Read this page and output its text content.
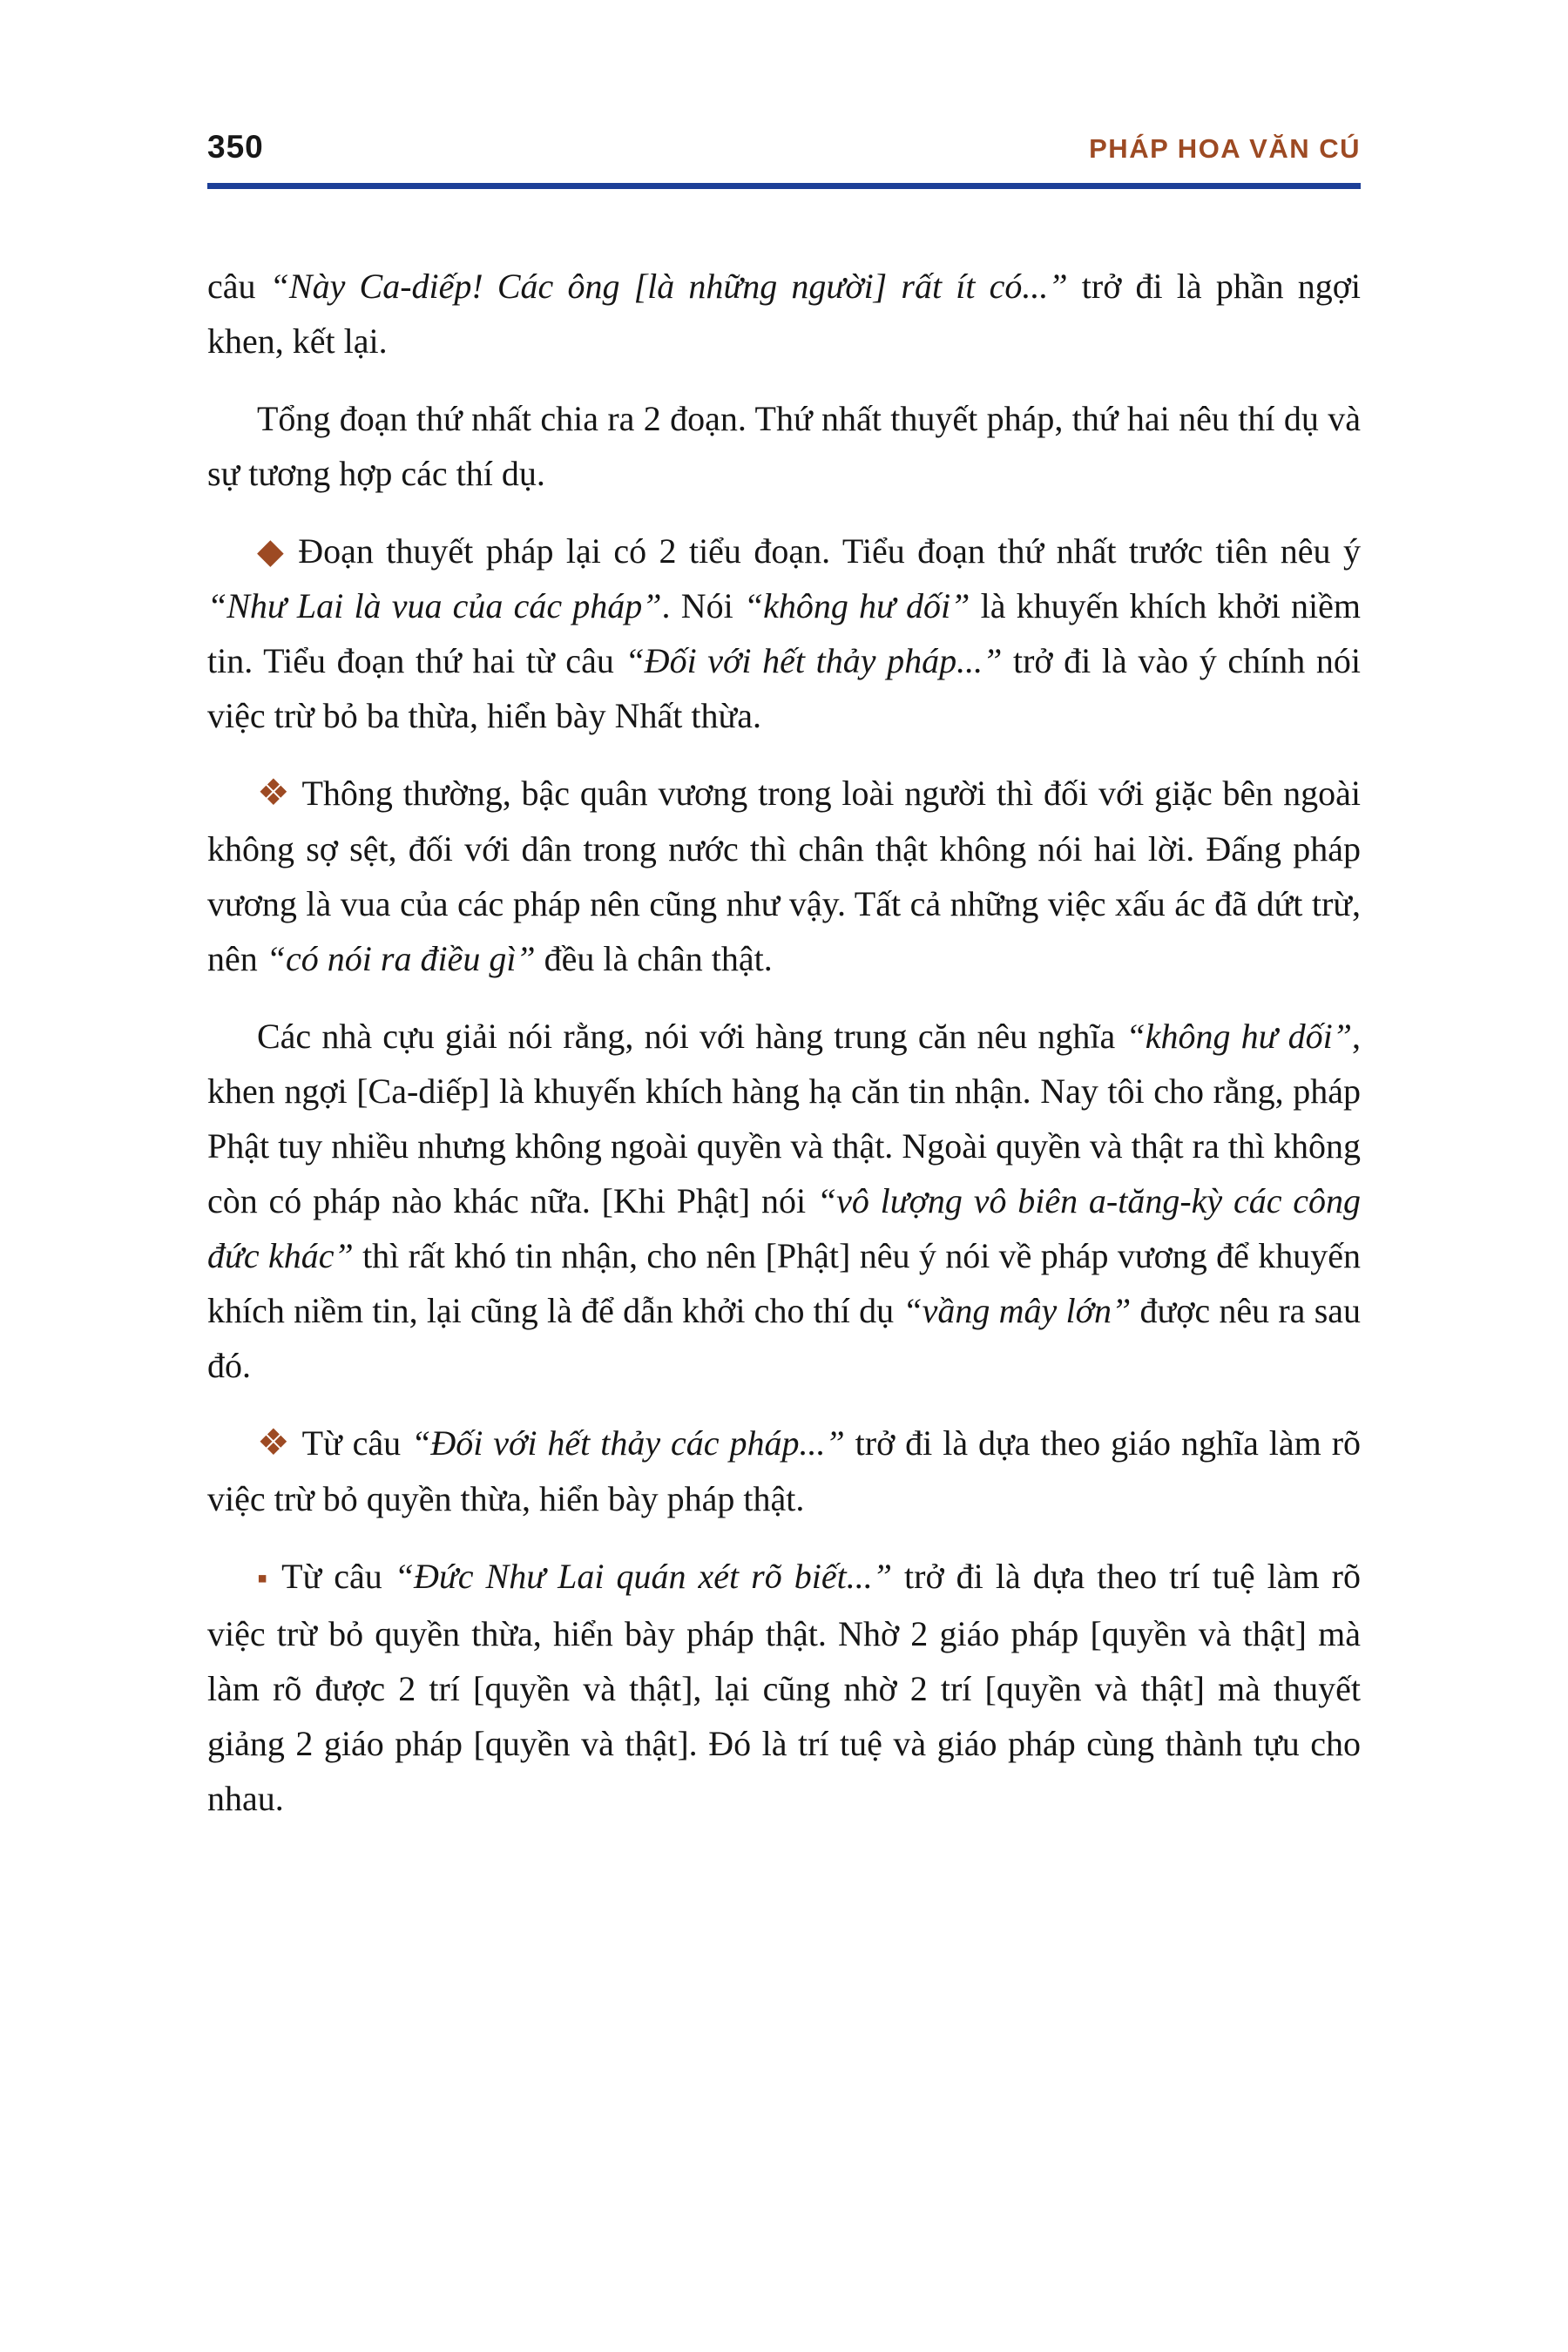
350	PHÁP HOA VĂN CÚ

câu “Này Ca-diếp! Các ông [là những người] rất ít có...” trở đi là phần ngợi khen, kết lại.

Tổng đoạn thứ nhất chia ra 2 đoạn. Thứ nhất thuyết pháp, thứ hai nêu thí dụ và sự tương hợp các thí dụ.

◆ Đoạn thuyết pháp lại có 2 tiểu đoạn. Tiểu đoạn thứ nhất trước tiên nêu ý “Như Lai là vua của các pháp”. Nói “không hư dối” là khuyến khích khởi niềm tin. Tiểu đoạn thứ hai từ câu “Đối với hết thảy pháp...” trở đi là vào ý chính nói việc trừ bỏ ba thừa, hiển bày Nhất thừa.

❖ Thông thường, bậc quân vương trong loài người thì đối với giặc bên ngoài không sợ sệt, đối với dân trong nước thì chân thật không nói hai lời. Đấng pháp vương là vua của các pháp nên cũng như vậy. Tất cả những việc xấu ác đã dứt trừ, nên “có nói ra điều gì” đều là chân thật.

Các nhà cựu giải nói rằng, nói với hàng trung căn nêu nghĩa “không hư dối”, khen ngợi [Ca-diếp] là khuyến khích hàng hạ căn tin nhận. Nay tôi cho rằng, pháp Phật tuy nhiều nhưng không ngoài quyền và thật. Ngoài quyền và thật ra thì không còn có pháp nào khác nữa. [Khi Phật] nói “vô lượng vô biên a-tăng-kỳ các công đức khác” thì rất khó tin nhận, cho nên [Phật] nêu ý nói về pháp vương để khuyến khích niềm tin, lại cũng là để dẫn khởi cho thí dụ “vầng mây lớn” được nêu ra sau đó.

❖ Từ câu “Đối với hết thảy các pháp...” trở đi là dựa theo giáo nghĩa làm rõ việc trừ bỏ quyền thừa, hiển bày pháp thật.

▪ Từ câu “Đức Như Lai quán xét rõ biết...” trở đi là dựa theo trí tuệ làm rõ việc trừ bỏ quyền thừa, hiển bày pháp thật. Nhờ 2 giáo pháp [quyền và thật] mà làm rõ được 2 trí [quyền và thật], lại cũng nhờ 2 trí [quyền và thật] mà thuyết giảng 2 giáo pháp [quyền và thật]. Đó là trí tuệ và giáo pháp cùng thành tựu cho nhau.
